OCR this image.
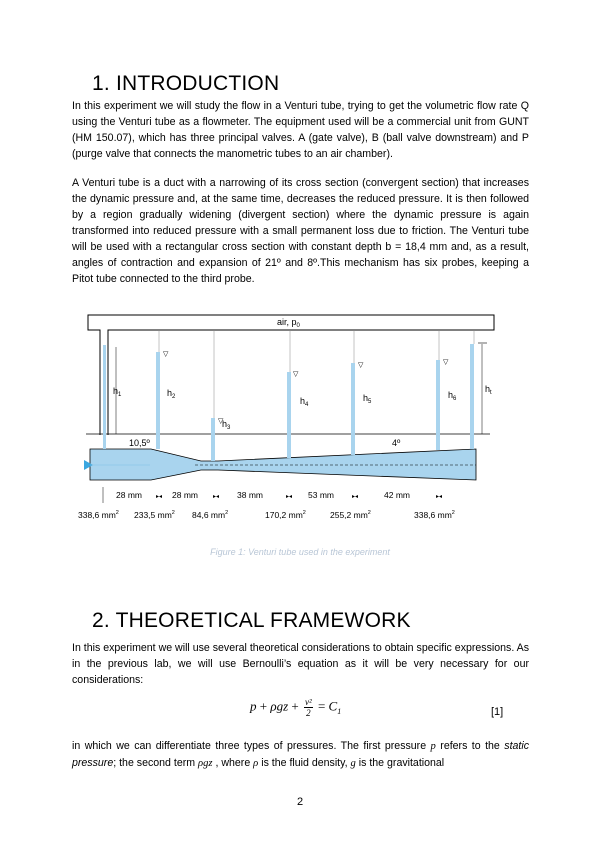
1. INTRODUCTION

In this experiment we will study the flow in a Venturi tube, trying to get the volumetric flow rate Q using the Venturi tube as a flowmeter. The equipment used will be a commercial unit from GUNT (HM 150.07), which has three principal valves. A (gate valve), B (ball valve downstream) and P (purge valve that connects the manometric tubes to an air chamber).

A Venturi tube is a duct with a narrowing of its cross section (convergent section) that increases the dynamic pressure and, at the same time, decreases the reduced pressure. It is then followed by a region gradually widening (divergent section) where the dynamic pressure is again transformed into reduced pressure with a small permanent loss due to friction. The Venturi tube will be used with a rectangular cross section with constant depth b = 18,4 mm and, as a result, angles of contraction and expansion of 21º and 8º.This mechanism has six probes, keeping a Pitot tube connected to the third probe.

air, $p_0$
▽
▽
▽
▽	▽
$h_1$	$h_2$
$h_3$
$h_4$
$h_5$
$h_6$
$h_t$
10,5º	4º
28 mm	28 mm	38 mm	53 mm	42 mm
▸◂	▸◂	▸◂	▸◂	▸◂
338,6 $mm^2$ 233,5 $mm^2$ 84,6 $mm^2$	170,2 $mm^2$	255,2 $mm^2$	338,6 $mm^2$
Figure 1: Venturi tube used in the experiment
2. THEORETICAL FRAMEWORK

In this experiment we will use several theoretical considerations to obtain specific expressions. As in the previous lab, we will use Bernoulli’s equation as it will be very necessary for our considerations:

$p + \rho gz + \frac{\text{v²}}{2} = C_1$	[1]

in which we can differentiate three types of pressures. The first pressure p refers to the static pressure; the second term ρgz , where ρ is the fluid density, g is the gravitational

2
